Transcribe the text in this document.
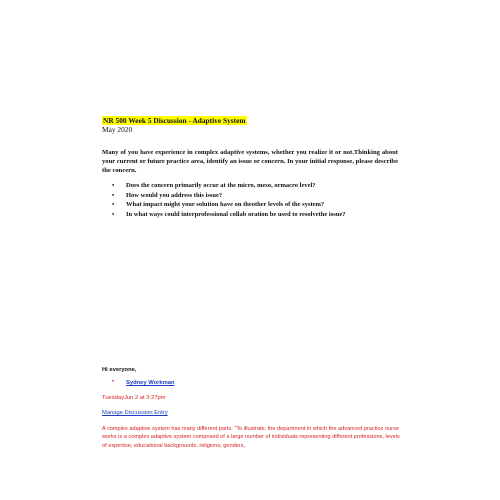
NR 500 Week 5 Discussion - Adaptive System
May 2020

Many of you have experience in complex adaptive systems, whether you realize it or not.Thinking about your current or future practice area, identify an issue or concern. In your initial response, please describe the concern.

• Does the concern primarily occur at the micro, meso, ormacro level?
• How would you address this issue?
• What impact might your solution have on theother levels of the system?
• In what ways could interprofessional collab oration be used to resolvethe issue?
Hi everyone,
• Sydney Workman
TuesdayJun 2 at 3:27pm
Manage Discussion Entry

A complex adaptive system has many different parts. "To illustrate, the department in which the advanced practice nurse works is a complex adaptive system composed of a large number of individuals representing different professions, levels of expertise, educational backgrounds, religions, genders,
